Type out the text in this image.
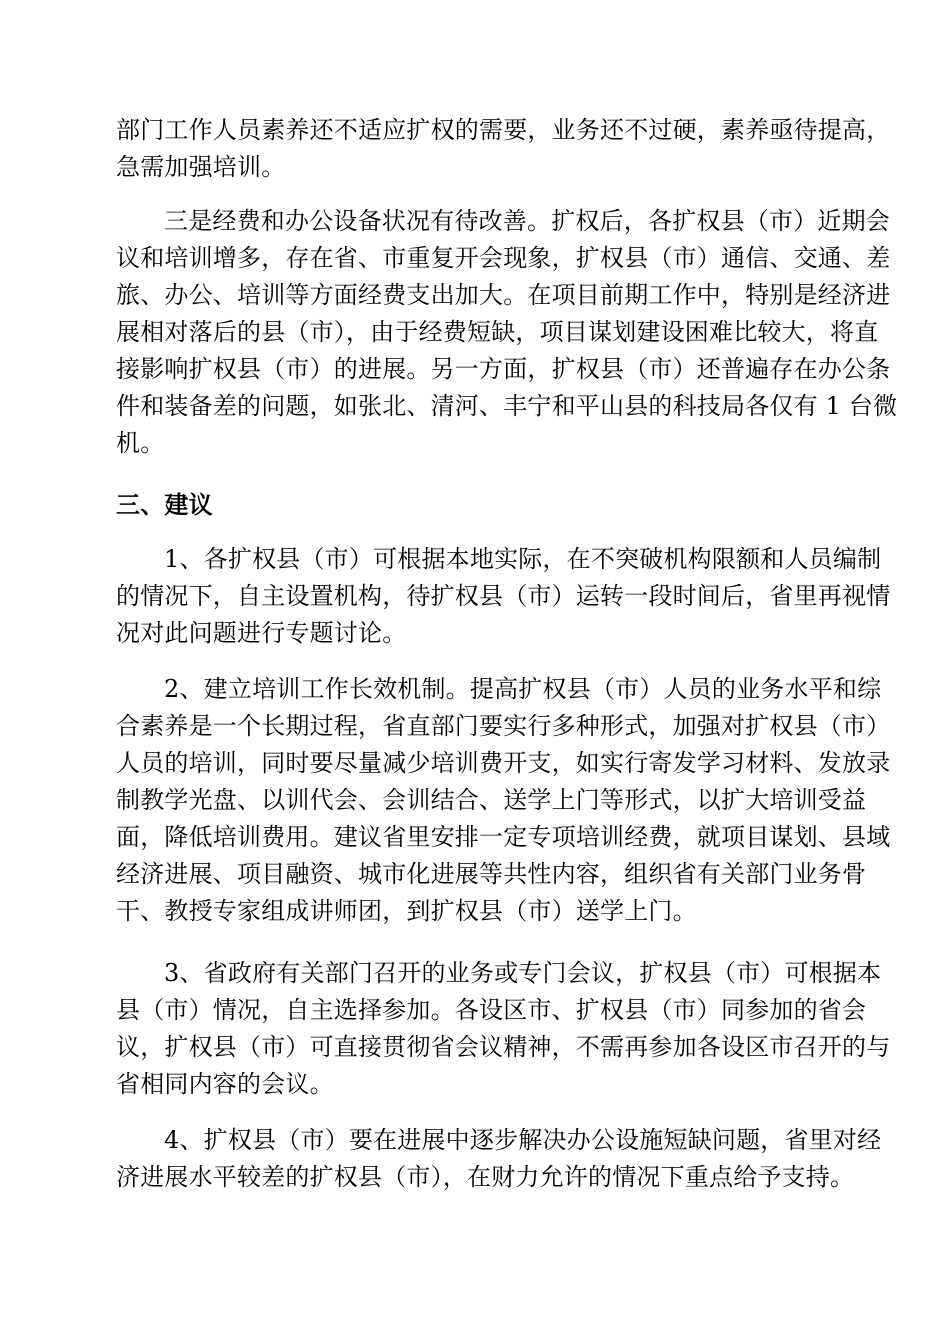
部门工作人员素养还不适应扩权的需要，业务还不过硬，素养亟待提高，
急需加强培训。
三是经费和办公设备状况有待改善。扩权后，各扩权县（市）近期会
议和培训增多，存在省、市重复开会现象，扩权县（市）通信、交通、差
旅、办公、培训等方面经费支出加大。在项目前期工作中，特别是经济进
展相对落后的县（市），由于经费短缺，项目谋划建设困难比较大，将直
接影响扩权县（市）的进展。另一方面，扩权县（市）还普遍存在办公条
件和装备差的问题，如张北、清河、丰宁和平山县的科技局各仅有 1 台微
机。
三、建议
1、各扩权县（市）可根据本地实际，在不突破机构限额和人员编制
的情况下，自主设置机构，待扩权县（市）运转一段时间后，省里再视情
况对此问题进行专题讨论。
2、建立培训工作长效机制。提高扩权县（市）人员的业务水平和综
合素养是一个长期过程，省直部门要实行多种形式，加强对扩权县（市）
人员的培训，同时要尽量减少培训费开支，如实行寄发学习材料、发放录
制教学光盘、以训代会、会训结合、送学上门等形式，以扩大培训受益
面，降低培训费用。建议省里安排一定专项培训经费，就项目谋划、县域
经济进展、项目融资、城市化进展等共性内容，组织省有关部门业务骨
干、教授专家组成讲师团，到扩权县（市）送学上门。
3、省政府有关部门召开的业务或专门会议，扩权县（市）可根据本
县（市）情况，自主选择参加。各设区市、扩权县（市）同参加的省会
议，扩权县（市）可直接贯彻省会议精神，不需再参加各设区市召开的与
省相同内容的会议。
4、扩权县（市）要在进展中逐步解决办公设施短缺问题，省里对经
济进展水平较差的扩权县（市），在财力允许的情况下重点给予支持。
